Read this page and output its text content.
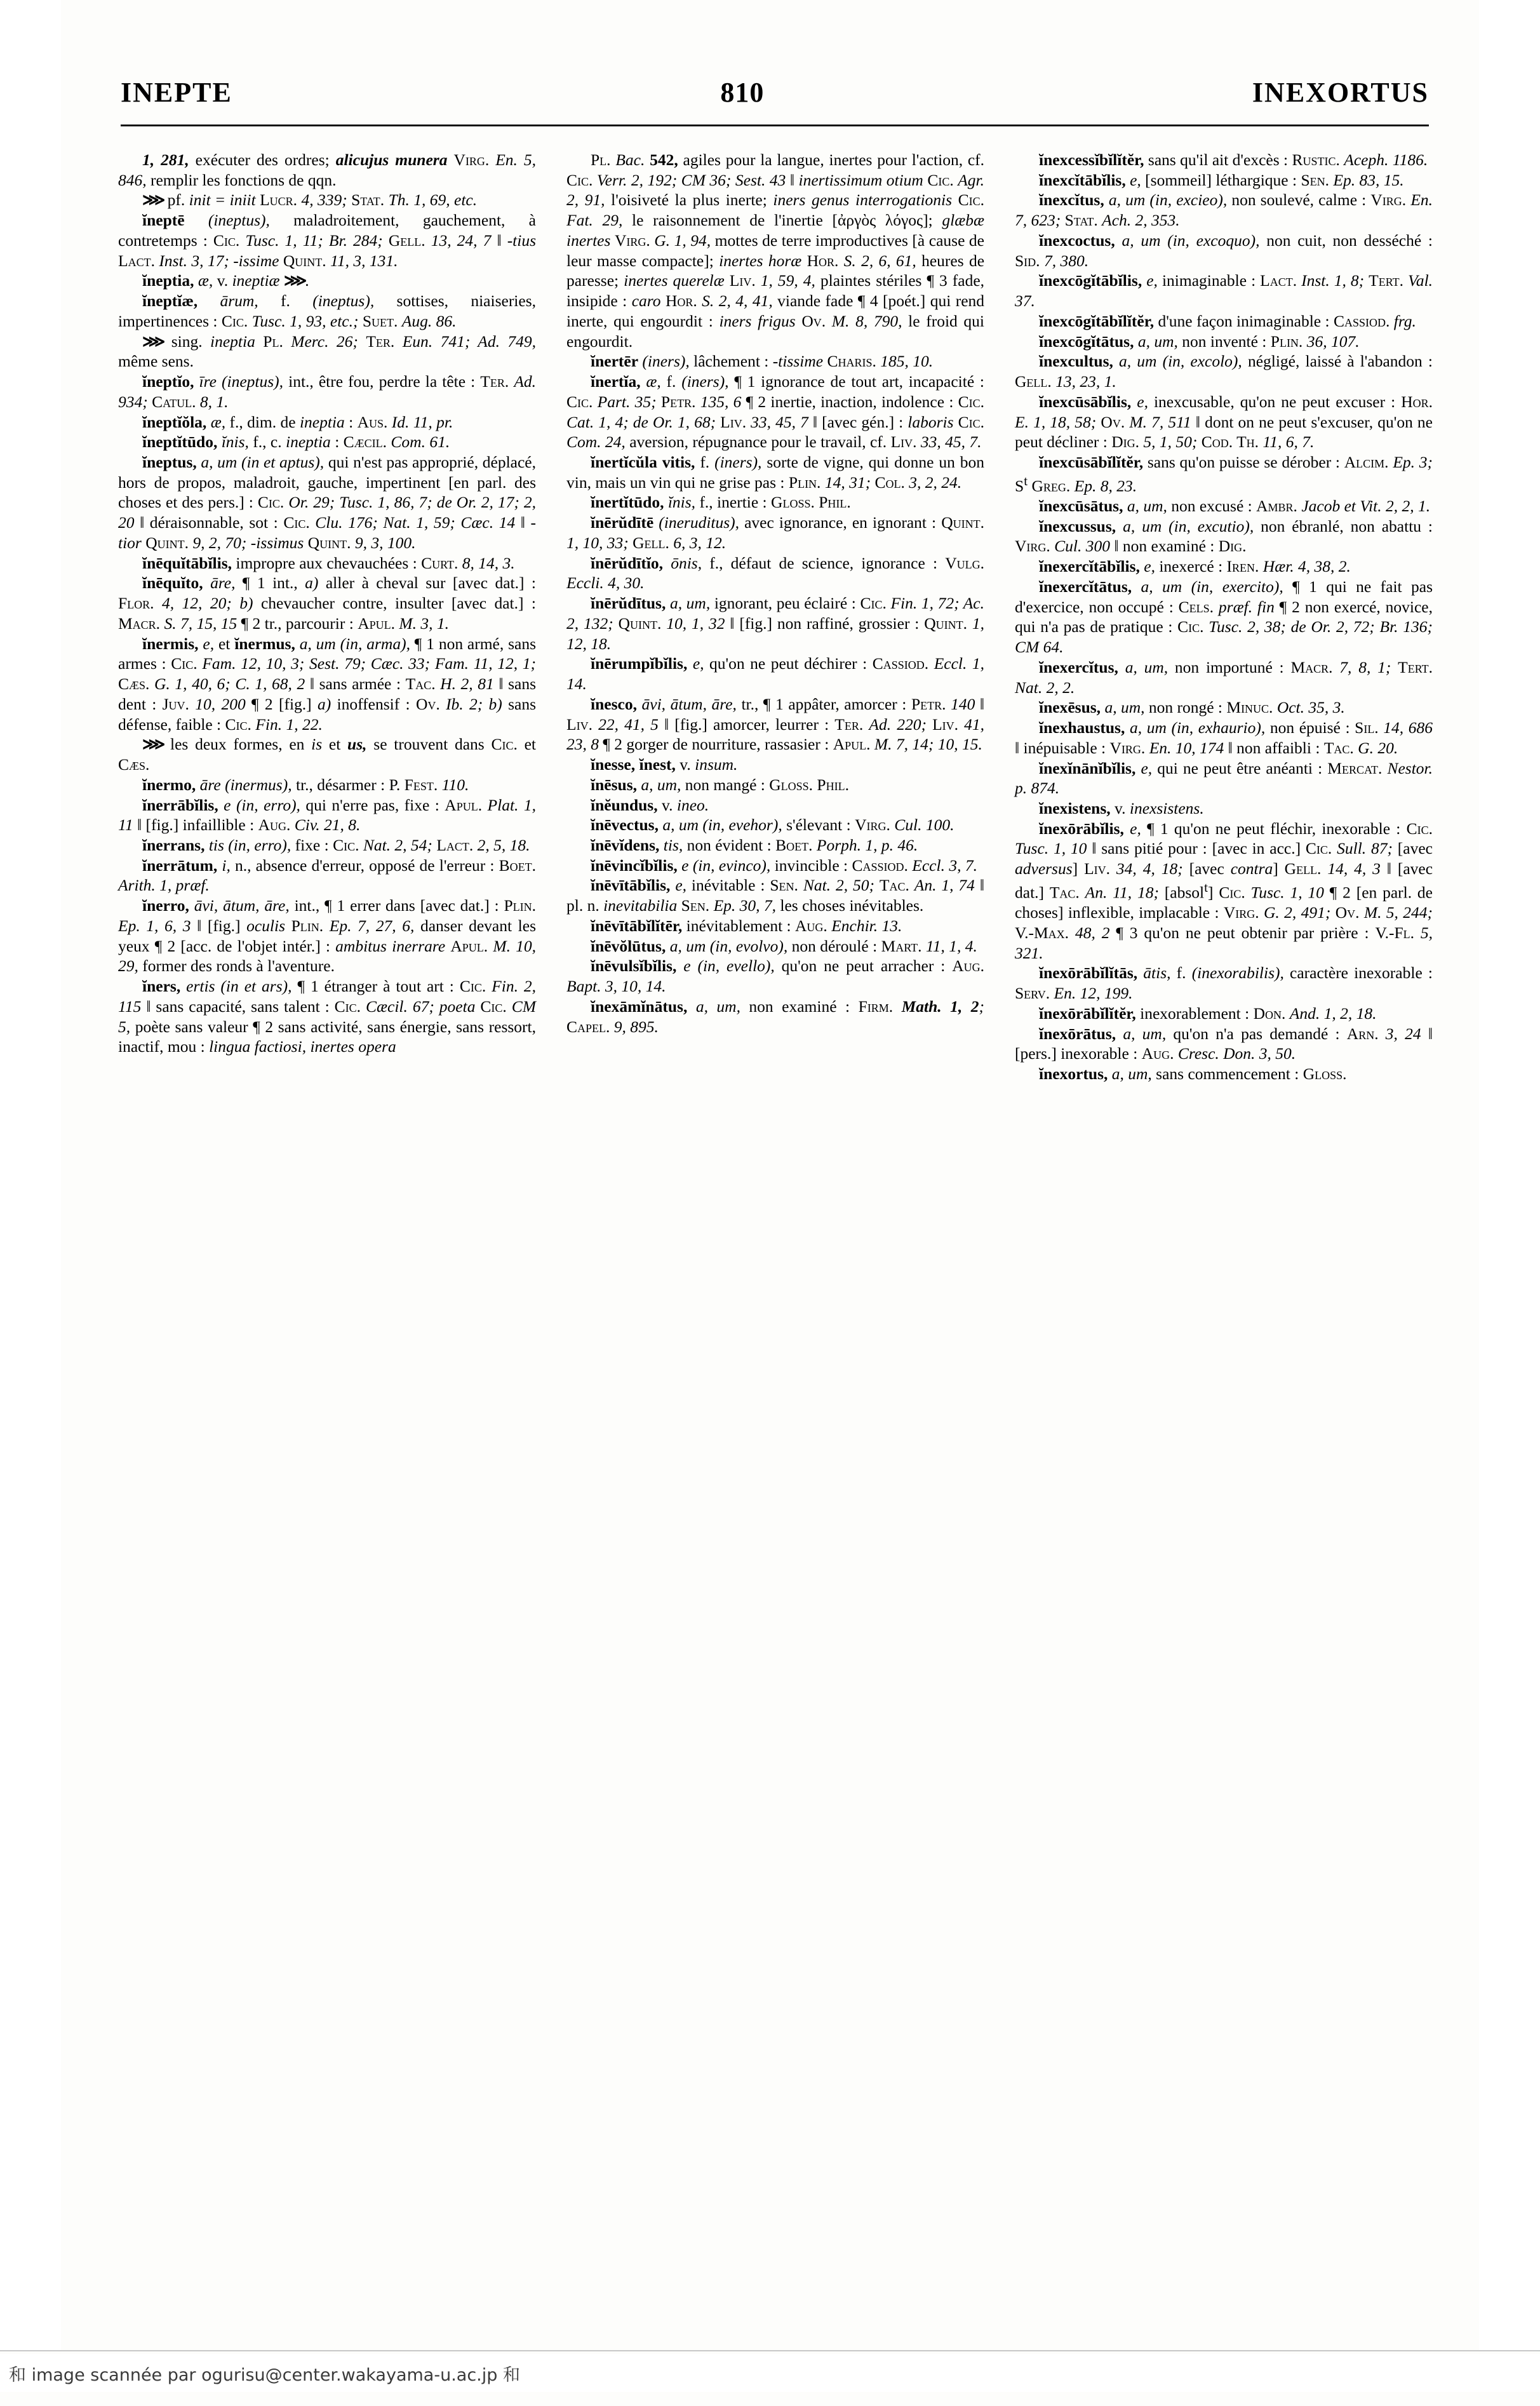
INEPTE	810	INEXORTUS

1, 281, exécuter des ordres; alicujus munera Virg. En. 5, 846, remplir les fonctions de qqn.

⋙ pf. init = iniit Lucr. 4, 339; Stat. Th. 1, 69, etc.

ĭneptē (ineptus), maladroitement, gauchement, à contretemps : Cic. Tusc. 1, 11; Br. 284; Gell. 13, 24, 7 ‖ -tius Lact. Inst. 3, 17; -issime Quint. 11, 3, 131.

ĭneptia, æ, v. ineptiæ ⋙.

ĭneptĭæ, ārum, f. (ineptus), sottises, niaiseries, impertinences : Cic. Tusc. 1, 93, etc.; Suet. Aug. 86.

⋙ sing. ineptia Pl. Merc. 26; Ter. Eun. 741; Ad. 749, même sens.

ĭneptĭo, īre (ineptus), int., être fou, perdre la tête : Ter. Ad. 934; Catul. 8, 1.

ĭneptĭŏla, æ, f., dim. de ineptia : Aus. Id. 11, pr.

ĭneptĭtūdo, ĭnis, f., c. ineptia : Cæcil. Com. 61.

ĭneptus, a, um (in et aptus), qui n'est pas approprié, déplacé, hors de propos, maladroit, gauche, impertinent [en parl. des choses et des pers.] : Cic. Or. 29; Tusc. 1, 86, 7; de Or. 2, 17; 2, 20 ‖ déraisonnable, sot : Cic. Clu. 176; Nat. 1, 59; Cæc. 14 ‖ -tior Quint. 9, 2, 70; -issimus Quint. 9, 3, 100.

ĭnēquĭtābĭlis, impropre aux chevauchées : Curt. 8, 14, 3.

ĭnēquĭto, āre, ¶ 1 int., a) aller à cheval sur [avec dat.] : Flor. 4, 12, 20; b) chevaucher contre, insulter [avec dat.] : Macr. S. 7, 15, 15 ¶ 2 tr., parcourir : Apul. M. 3, 1.

ĭnermis, e, et ĭnermus, a, um (in, arma), ¶ 1 non armé, sans armes : Cic. Fam. 12, 10, 3; Sest. 79; Cæc. 33; Fam. 11, 12, 1; Cæs. G. 1, 40, 6; C. 1, 68, 2 ‖ sans armée : Tac. H. 2, 81 ‖ sans dent : Juv. 10, 200 ¶ 2 [fig.] a) inoffensif : Ov. Ib. 2; b) sans défense, faible : Cic. Fin. 1, 22.

⋙ les deux formes, en is et us, se trouvent dans Cic. et Cæs.

ĭnermo, āre (inermus), tr., désarmer : P. Fest. 110.

ĭnerrābĭlis, e (in, erro), qui n'erre pas, fixe : Apul. Plat. 1, 11 ‖ [fig.] infaillible : Aug. Civ. 21, 8.

ĭnerrans, tis (in, erro), fixe : Cic. Nat. 2, 54; Lact. 2, 5, 18.

ĭnerrātum, i, n., absence d'erreur, opposé de l'erreur : Boet. Arith. 1, præf.

ĭnerro, āvi, ātum, āre, int., ¶ 1 errer dans [avec dat.] : Plin. Ep. 1, 6, 3 ‖ [fig.] oculis Plin. Ep. 7, 27, 6, danser devant les yeux ¶ 2 [acc. de l'objet intér.] : ambitus inerrare Apul. M. 10, 29, former des ronds à l'aventure.

ĭners, ertis (in et ars), ¶ 1 étranger à tout art : Cic. Fin. 2, 115 ‖ sans capacité, sans talent : Cic. Cæcil. 67; poeta Cic. CM 5, poète sans valeur ¶ 2 sans activité, sans énergie, sans ressort, inactif, mou : lingua factiosi, inertes opera

Pl. Bac. 542, agiles pour la langue, inertes pour l'action, cf. Cic. Verr. 2, 192; CM 36; Sest. 43 ‖ inertissimum otium Cic. Agr. 2, 91, l'oisiveté la plus inerte; iners genus interrogationis Cic. Fat. 29, le raisonnement de l'inertie [ἀργὸς λόγος]; glæbæ inertes Virg. G. 1, 94, mottes de terre improductives [à cause de leur masse compacte]; inertes horæ Hor. S. 2, 6, 61, heures de paresse; inertes querelæ Liv. 1, 59, 4, plaintes stériles ¶ 3 fade, insipide : caro Hor. S. 2, 4, 41, viande fade ¶ 4 [poét.] qui rend inerte, qui engourdit : iners frigus Ov. M. 8, 790, le froid qui engourdit.

ĭnertēr (iners), lâchement : -tissime Charis. 185, 10.

ĭnertĭa, æ, f. (iners), ¶ 1 ignorance de tout art, incapacité : Cic. Part. 35; Petr. 135, 6 ¶ 2 inertie, inaction, indolence : Cic. Cat. 1, 4; de Or. 1, 68; Liv. 33, 45, 7 ‖ [avec gén.] : laboris Cic. Com. 24, aversion, répugnance pour le travail, cf. Liv. 33, 45, 7.

ĭnertĭcŭla vitis, f. (iners), sorte de vigne, qui donne un bon vin, mais un vin qui ne grise pas : Plin. 14, 31; Col. 3, 2, 24.

ĭnertĭtūdo, ĭnis, f., inertie : Gloss. Phil.

ĭnērŭdītē (ineruditus), avec ignorance, en ignorant : Quint. 1, 10, 33; Gell. 6, 3, 12.

ĭnērŭdītĭo, ōnis, f., défaut de science, ignorance : Vulg. Eccli. 4, 30.

ĭnērŭdītus, a, um, ignorant, peu éclairé : Cic. Fin. 1, 72; Ac. 2, 132; Quint. 10, 1, 32 ‖ [fig.] non raffiné, grossier : Quint. 1, 12, 18.

ĭnērumpĭbĭlis, e, qu'on ne peut déchirer : Cassiod. Eccl. 1, 14.

ĭnesco, āvi, ātum, āre, tr., ¶ 1 appâter, amorcer : Petr. 140 ‖ Liv. 22, 41, 5 ‖ [fig.] amorcer, leurrer : Ter. Ad. 220; Liv. 41, 23, 8 ¶ 2 gorger de nourriture, rassasier : Apul. M. 7, 14; 10, 15.

ĭnesse, ĭnest, v. insum.

ĭnēsus, a, um, non mangé : Gloss. Phil.

ĭnĕundus, v. ineo.

ĭnēvectus, a, um (in, evehor), s'élevant : Virg. Cul. 100.

ĭnēvĭdens, tis, non évident : Boet. Porph. 1, p. 46.

ĭnēvincĭbĭlis, e (in, evinco), invincible : Cassiod. Eccl. 3, 7.

ĭnēvītābĭlis, e, inévitable : Sen. Nat. 2, 50; Tac. An. 1, 74 ‖ pl. n. inevitabilia Sen. Ep. 30, 7, les choses inévitables.

ĭnēvītābĭlĭtēr, inévitablement : Aug. Enchir. 13.

ĭnēvŏlūtus, a, um (in, evolvo), non déroulé : Mart. 11, 1, 4.

ĭnēvulsĭbĭlis, e (in, evello), qu'on ne peut arracher : Aug. Bapt. 3, 10, 14.

ĭnexāmĭnātus, a, um, non examiné : Firm. Math. 1, 2; Capel. 9, 895.

ĭnexcessĭbĭlĭtĕr, sans qu'il ait d'excès : Rustic. Aceph. 1186.

ĭnexcĭtābĭlis, e, [sommeil] léthargique : Sen. Ep. 83, 15.

ĭnexcĭtus, a, um (in, excieo), non soulevé, calme : Virg. En. 7, 623; Stat. Ach. 2, 353.

ĭnexcoctus, a, um (in, excoquo), non cuit, non desséché : Sid. 7, 380.

ĭnexcōgĭtābĭlis, e, inimaginable : Lact. Inst. 1, 8; Tert. Val. 37.

ĭnexcōgĭtābĭlĭtĕr, d'une façon inimaginable : Cassiod. frg.

ĭnexcōgĭtātus, a, um, non inventé : Plin. 36, 107.

ĭnexcultus, a, um (in, excolo), négligé, laissé à l'abandon : Gell. 13, 23, 1.

ĭnexcūsābĭlis, e, inexcusable, qu'on ne peut excuser : Hor. E. 1, 18, 58; Ov. M. 7, 511 ‖ dont on ne peut s'excuser, qu'on ne peut décliner : Dig. 5, 1, 50; Cod. Th. 11, 6, 7.

ĭnexcūsābĭlĭtĕr, sans qu'on puisse se dérober : Alcim. Ep. 3; $S^t$ Greg. Ep. 8, 23.

ĭnexcūsātus, a, um, non excusé : Ambr. Jacob et Vit. 2, 2, 1.

ĭnexcussus, a, um (in, excutio), non ébranlé, non abattu : Virg. Cul. 300 ‖ non examiné : Dig.

ĭnexercĭtābĭlis, e, inexercé : Iren. Hær. 4, 38, 2.

ĭnexercĭtātus, a, um (in, exercito), ¶ 1 qui ne fait pas d'exercice, non occupé : Cels. præf. fin ¶ 2 non exercé, novice, qui n'a pas de pratique : Cic. Tusc. 2, 38; de Or. 2, 72; Br. 136; CM 64.

ĭnexercĭtus, a, um, non importuné : Macr. 7, 8, 1; Tert. Nat. 2, 2.

ĭnexēsus, a, um, non rongé : Minuc. Oct. 35, 3.

ĭnexhaustus, a, um (in, exhaurio), non épuisé : Sil. 14, 686 ‖ inépuisable : Virg. En. 10, 174 ‖ non affaibli : Tac. G. 20.

ĭnexĭnānĭbĭlis, e, qui ne peut être anéanti : Mercat. Nestor. p. 874.

ĭnexistens, v. inexsistens.

ĭnexōrābĭlis, e, ¶ 1 qu'on ne peut fléchir, inexorable : Cic. Tusc. 1, 10 ‖ sans pitié pour : [avec in acc.] Cic. Sull. 87; [avec adversus] Liv. 34, 4, 18; [avec contra] Gell. 14, 4, 3 ‖ [avec dat.] Tac. An. 11, 18; [absol$^t$] Cic. Tusc. 1, 10 ¶ 2 [en parl. de choses] inflexible, implacable : Virg. G. 2, 491; Ov. M. 5, 244; V.-Max. 48, 2 ¶ 3 qu'on ne peut obtenir par prière : V.-Fl. 5, 321.

ĭnexōrābĭlĭtās, ātis, f. (inexorabilis), caractère inexorable : Serv. En. 12, 199.

ĭnexōrābĭlĭtĕr, inexorablement : Don. And. 1, 2, 18.

ĭnexōrātus, a, um, qu'on n'a pas demandé : Arn. 3, 24 ‖ [pers.] inexorable : Aug. Cresc. Don. 3, 50.

ĭnexortus, a, um, sans commencement : Gloss.

和 image scannée par ogurisu@center.wakayama-u.ac.jp 和
